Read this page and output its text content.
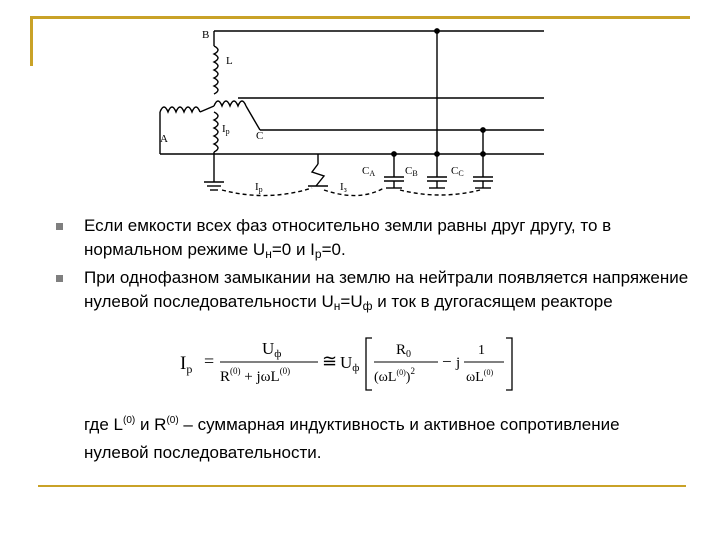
B
L
A	C
Ip
CA	CB	CC
Ip	Iз
Если емкости всех фаз относительно земли равны друг другу, то в нормальном режиме $U_н=0$ и $I_р=0$.
При однофазном замыкании на землю на нейтрали появляется напряжение нулевой последовательности $U_н=U_ф$ и ток в дугогасящем реакторе
$I_p$ =
Uф
$R^{(0)} + j\omega L^{(0)}$ ≅ Uф
$R_0$
$(\omega L^{(0)})^2 - j$
1
$\omega L^{(0)}$
где $L^{(0)}$ и $R^{(0)}$ – суммарная индуктивность и активное сопротивление нулевой последовательности.
